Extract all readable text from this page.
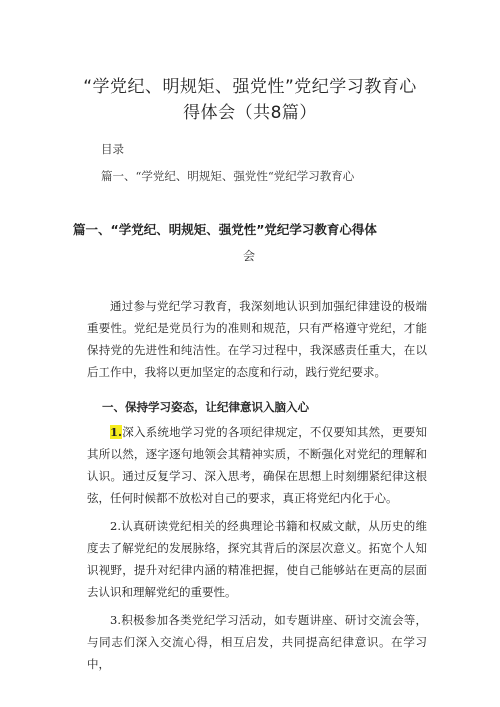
“学党纪、明规矩、强党性”党纪学习教育心
得体会（共8篇）
目录
篇一、“学党纪、明规矩、强党性“党纪学习教育心
篇一、“学党纪、明规矩、强党性”党纪学习教育心得体
会

通过参与党纪学习教育，我深刻地认识到加强纪律建设的极端重要性。党纪是党员行为的准则和规范，只有严格遵守党纪，才能保持党的先进性和纯洁性。在学习过程中，我深感责任重大，在以后工作中，我将以更加坚定的态度和行动，践行党纪要求。

一、保持学习姿态，让纪律意识入脑入心

1.深入系统地学习党的各项纪律规定，不仅要知其然，更要知其所以然，逐字逐句地领会其精神实质，不断强化对党纪的理解和认识。通过反复学习、深入思考，确保在思想上时刻绷紧纪律这根弦，任何时候都不放松对自己的要求，真正将党纪内化于心。

2.认真研读党纪相关的经典理论书籍和权威文献，从历史的维度去了解党纪的发展脉络，探究其背后的深层次意义。拓宽个人知识视野，提升对纪律内涵的精准把握，使自己能够站在更高的层面去认识和理解党纪的重要性。

3.积极参加各类党纪学习活动，如专题讲座、研讨交流会等，与同志们深入交流心得，相互启发，共同提高纪律意识。在学习中，
